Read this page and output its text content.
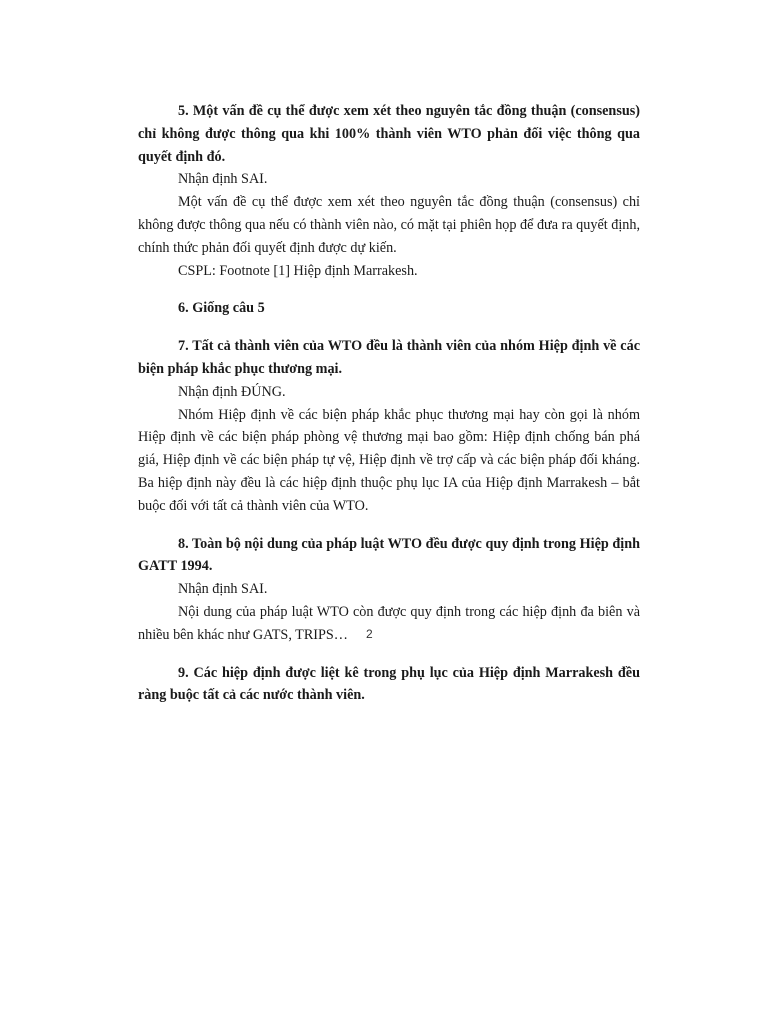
5. Một vấn đề cụ thể được xem xét theo nguyên tắc đồng thuận (consensus) chỉ không được thông qua khi 100% thành viên WTO phản đối việc thông qua quyết định đó.

Nhận định SAI.

Một vấn đề cụ thể được xem xét theo nguyên tắc đồng thuận (consensus) chỉ không được thông qua nếu có thành viên nào, có mặt tại phiên họp để đưa ra quyết định, chính thức phản đối quyết định được dự kiến.

CSPL: Footnote [1] Hiệp định Marrakesh.

6. Giống câu 5

7. Tất cả thành viên của WTO đều là thành viên của nhóm Hiệp định về các biện pháp khắc phục thương mại.

Nhận định ĐÚNG.

Nhóm Hiệp định về các biện pháp khắc phục thương mại hay còn gọi là nhóm Hiệp định về các biện pháp phòng vệ thương mại bao gồm: Hiệp định chống bán phá giá, Hiệp định về các biện pháp tự vệ, Hiệp định về trợ cấp và các biện pháp đối kháng. Ba hiệp định này đều là các hiệp định thuộc phụ lục IA của Hiệp định Marrakesh – bắt buộc đối với tất cả thành viên của WTO.

8. Toàn bộ nội dung của pháp luật WTO đều được quy định trong Hiệp định GATT 1994.

Nhận định SAI.

Nội dung của pháp luật WTO còn được quy định trong các hiệp định đa biên và nhiều bên khác như GATS, TRIPS…

9. Các hiệp định được liệt kê trong phụ lục của Hiệp định Marrakesh đều ràng buộc tất cả các nước thành viên.

2
